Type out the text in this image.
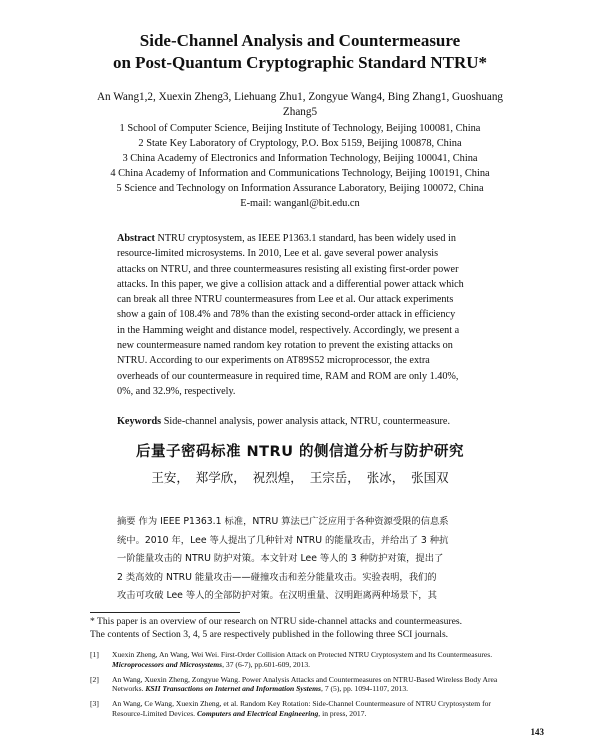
Side-Channel Analysis and Countermeasure
on Post-Quantum Cryptographic Standard NTRU*
An Wang1,2, Xuexin Zheng3, Liehuang Zhu1, Zongyue Wang4, Bing Zhang1, Guoshuang
Zhang5
1 School of Computer Science, Beijing Institute of Technology, Beijing 100081, China
2 State Key Laboratory of Cryptology, P.O. Box 5159, Beijing 100878, China
3 China Academy of Electronics and Information Technology, Beijing 100041, China
4 China Academy of Information and Communications Technology, Beijing 100191, China
5 Science and Technology on Information Assurance Laboratory, Beijing 100072, China
E-mail: wanganl@bit.edu.cn
Abstract NTRU cryptosystem, as IEEE P1363.1 standard, has been widely used in
resource-limited microsystems. In 2010, Lee et al. gave several power analysis
attacks on NTRU, and three countermeasures resisting all existing first-order power
attacks. In this paper, we give a collision attack and a differential power attack which
can break all three NTRU countermeasures from Lee et al. Our attack experiments
show a gain of 108.4% and 78% than the existing second-order attack in efficiency
in the Hamming weight and distance model, respectively. Accordingly, we present a
new countermeasure named random key rotation to prevent the existing attacks on
NTRU. According to our experiments on AT89S52 microprocessor, the extra
overheads of our countermeasure in required time, RAM and ROM are only 1.40%,
0%, and 32.9%, respectively.
Keywords Side-channel analysis, power analysis attack, NTRU, countermeasure.
后量子密码标准 NTRU 的侧信道分析与防护研究
王安， 郑学欣， 祝烈煌， 王宗岳， 张冰， 张国双
摘要 作为 IEEE P1363.1 标准，NTRU 算法已广泛应用于各种资源受限的信息系
统中。2010 年，Lee 等人提出了几种针对 NTRU 的能量攻击，并给出了 3 种抗
一阶能量攻击的 NTRU 防护对策。本文针对 Lee 等人的 3 种防护对策，提出了
2 类高效的 NTRU 能量攻击——碰撞攻击和差分能量攻击。实验表明，我们的
攻击可攻破 Lee 等人的全部防护对策。在汉明重量、汉明距离两种场景下，其
* This paper is an overview of our research on NTRU side-channel attacks and countermeasures.
The contents of Section 3, 4, 5 are respectively published in the following three SCI journals.
[1]	Xuexin Zheng, An Wang, Wei Wei. First-Order Collision Attack on Protected NTRU Cryptosystem and Its Countermeasures. Microprocessors and Microsystems, 37 (6-7), pp.601-609, 2013.
[2]	An Wang, Xuexin Zheng, Zongyue Wang. Power Analysis Attacks and Countermeasures on NTRU-Based Wireless Body Area Networks. KSII Transactions on Internet and Information Systems, 7 (5), pp. 1094-1107, 2013.
[3]	An Wang, Ce Wang, Xuexin Zheng, et al. Random Key Rotation: Side-Channel Countermeasure of NTRU Cryptosystem for Resource-Limited Devices. Computers and Electrical Engineering, in press, 2017.
143
